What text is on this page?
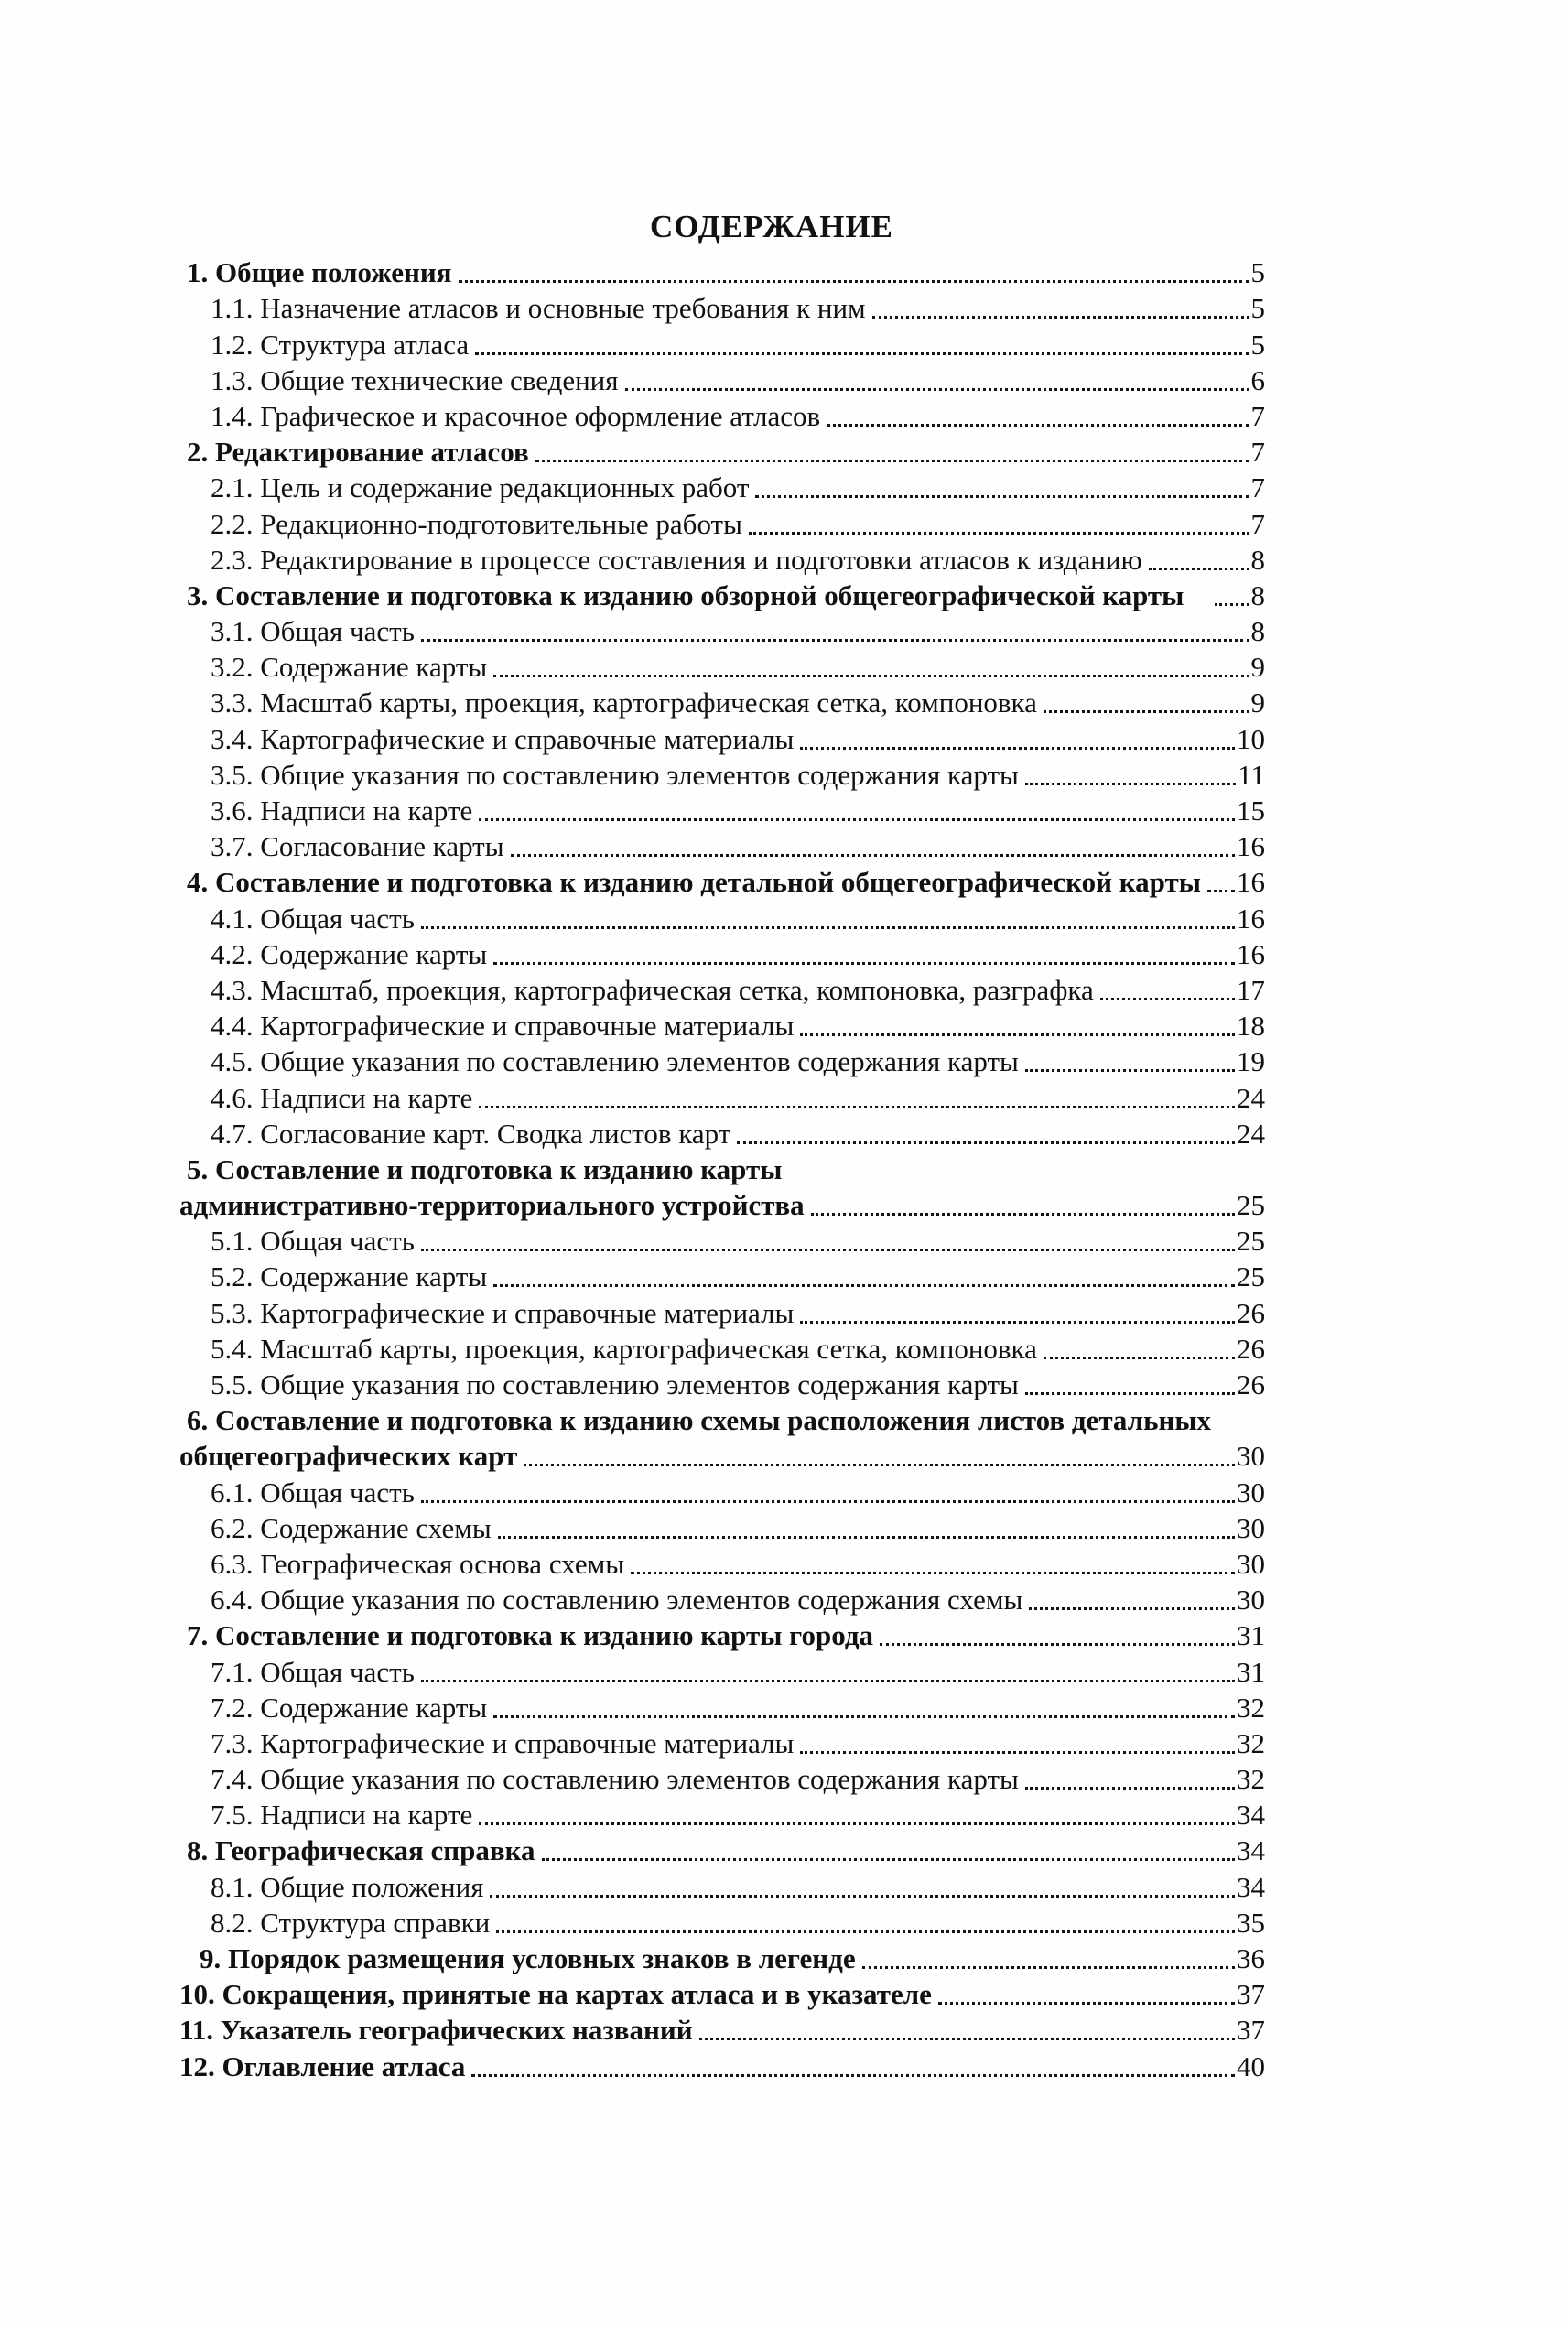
СОДЕРЖАНИЕ
1. Общие положения	5
1.1. Назначение атласов и основные требования к ним	5
1.2. Структура атласа	5
1.3. Общие технические сведения	6
1.4. Графическое и красочное оформление атласов	7
2. Редактирование атласов	7
2.1. Цель и содержание редакционных работ	7
2.2. Редакционно-подготовительные работы	7
2.3. Редактирование в процессе составления и подготовки атласов к изданию	8
3. Составление и подготовка к изданию обзорной общегеографической карты 8
3.1. Общая часть	8
3.2. Содержание карты	9
3.3. Масштаб карты, проекция, картографическая сетка, компоновка	9
3.4. Картографические и справочные материалы	10
3.5. Общие указания по составлению элементов содержания карты	11
3.6. Надписи на карте	15
3.7. Согласование карты	16
4. Составление и подготовка к изданию детальной общегеографической карты 16
4.1. Общая часть	16
4.2. Содержание карты	16
4.3. Масштаб, проекция, картографическая сетка, компоновка, разграфка	17
4.4. Картографические и справочные материалы	18
4.5. Общие указания по составлению элементов содержания карты	19
4.6. Надписи на карте	24
4.7. Согласование карт. Сводка листов карт	24
5. Составление и подготовка к изданию карты
административно-территориального устройства	25
5.1. Общая часть	25
5.2. Содержание карты	25
5.3. Картографические и справочные материалы	26
5.4. Масштаб карты, проекция, картографическая сетка, компоновка	26
5.5. Общие указания по составлению элементов содержания карты	26
6. Составление и подготовка к изданию схемы расположения листов детальных
общегеографических карт	30
6.1. Общая часть	30
6.2. Содержание схемы	30
6.3. Географическая основа схемы	30
6.4. Общие указания по составлению элементов содержания схемы	30
7. Составление и подготовка к изданию карты города	31
7.1. Общая часть	31
7.2. Содержание карты	32
7.3. Картографические и справочные материалы	32
7.4. Общие указания по составлению элементов содержания карты	32
7.5. Надписи на карте	34
8. Географическая справка	34
8.1. Общие положения	34
8.2. Структура справки	35
9. Порядок размещения условных знаков в легенде	36
10. Сокращения, принятые на картах атласа и в указателе	37
11. Указатель географических названий	37
12. Оглавление атласа	40
